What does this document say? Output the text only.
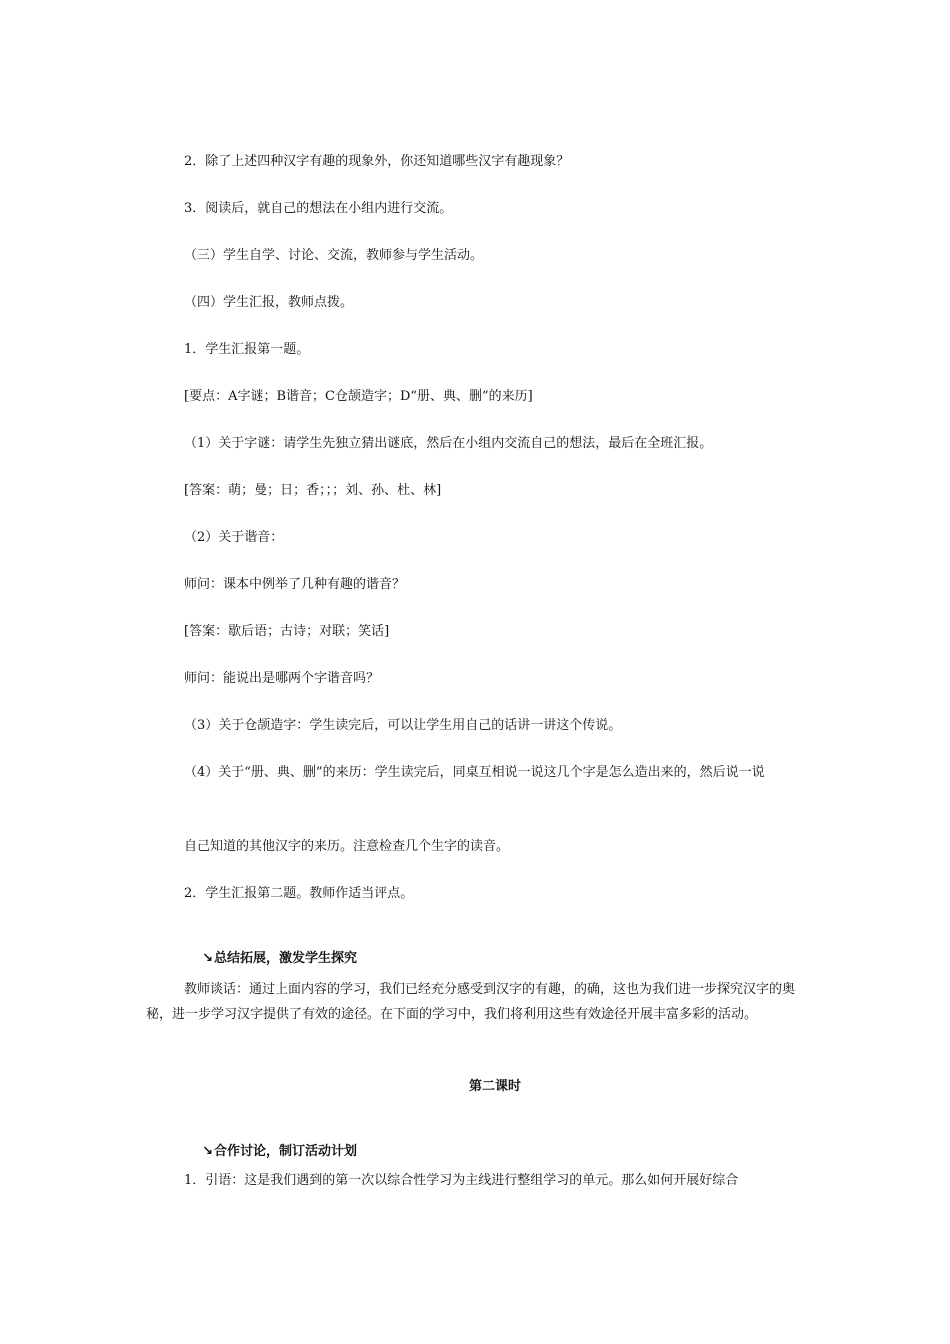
2．除了上述四种汉字有趣的现象外，你还知道哪些汉字有趣现象？
3．阅读后，就自己的想法在小组内进行交流。
（三）学生自学、讨论、交流，教师参与学生活动。
（四）学生汇报，教师点拨。
1．学生汇报第一题。
[要点：A字谜；B谐音；C仓颉造字；D“册、典、删”的来历]
（1）关于字谜：请学生先独立猜出谜底，然后在小组内交流自己的想法，最后在全班汇报。
[答案：萌；曼；日；香；；；刘、孙、杜、林]
（2）关于谐音：
师问：课本中例举了几种有趣的谐音？
[答案：歇后语；古诗；对联；笑话]
师问：能说出是哪两个字谐音吗？
（3）关于仓颉造字：学生读完后，可以让学生用自己的话讲一讲这个传说。
（4）关于“册、典、删”的来历：学生读完后，同桌互相说一说这几个字是怎么造出来的，然后说一说
自己知道的其他汉字的来历。注意检查几个生字的读音。
2．学生汇报第二题。教师作适当评点。

↘总结拓展，激发学生探究

教师谈话：通过上面内容的学习，我们已经充分感受到汉字的有趣，的确，这也为我们进一步探究汉字的奥秘，进一步学习汉字提供了有效的途径。在下面的学习中，我们将利用这些有效途径开展丰富多彩的活动。
第二课时

↘合作讨论，制订活动计划

1．引语：这是我们遇到的第一次以综合性学习为主线进行整组学习的单元。那么如何开展好综合
